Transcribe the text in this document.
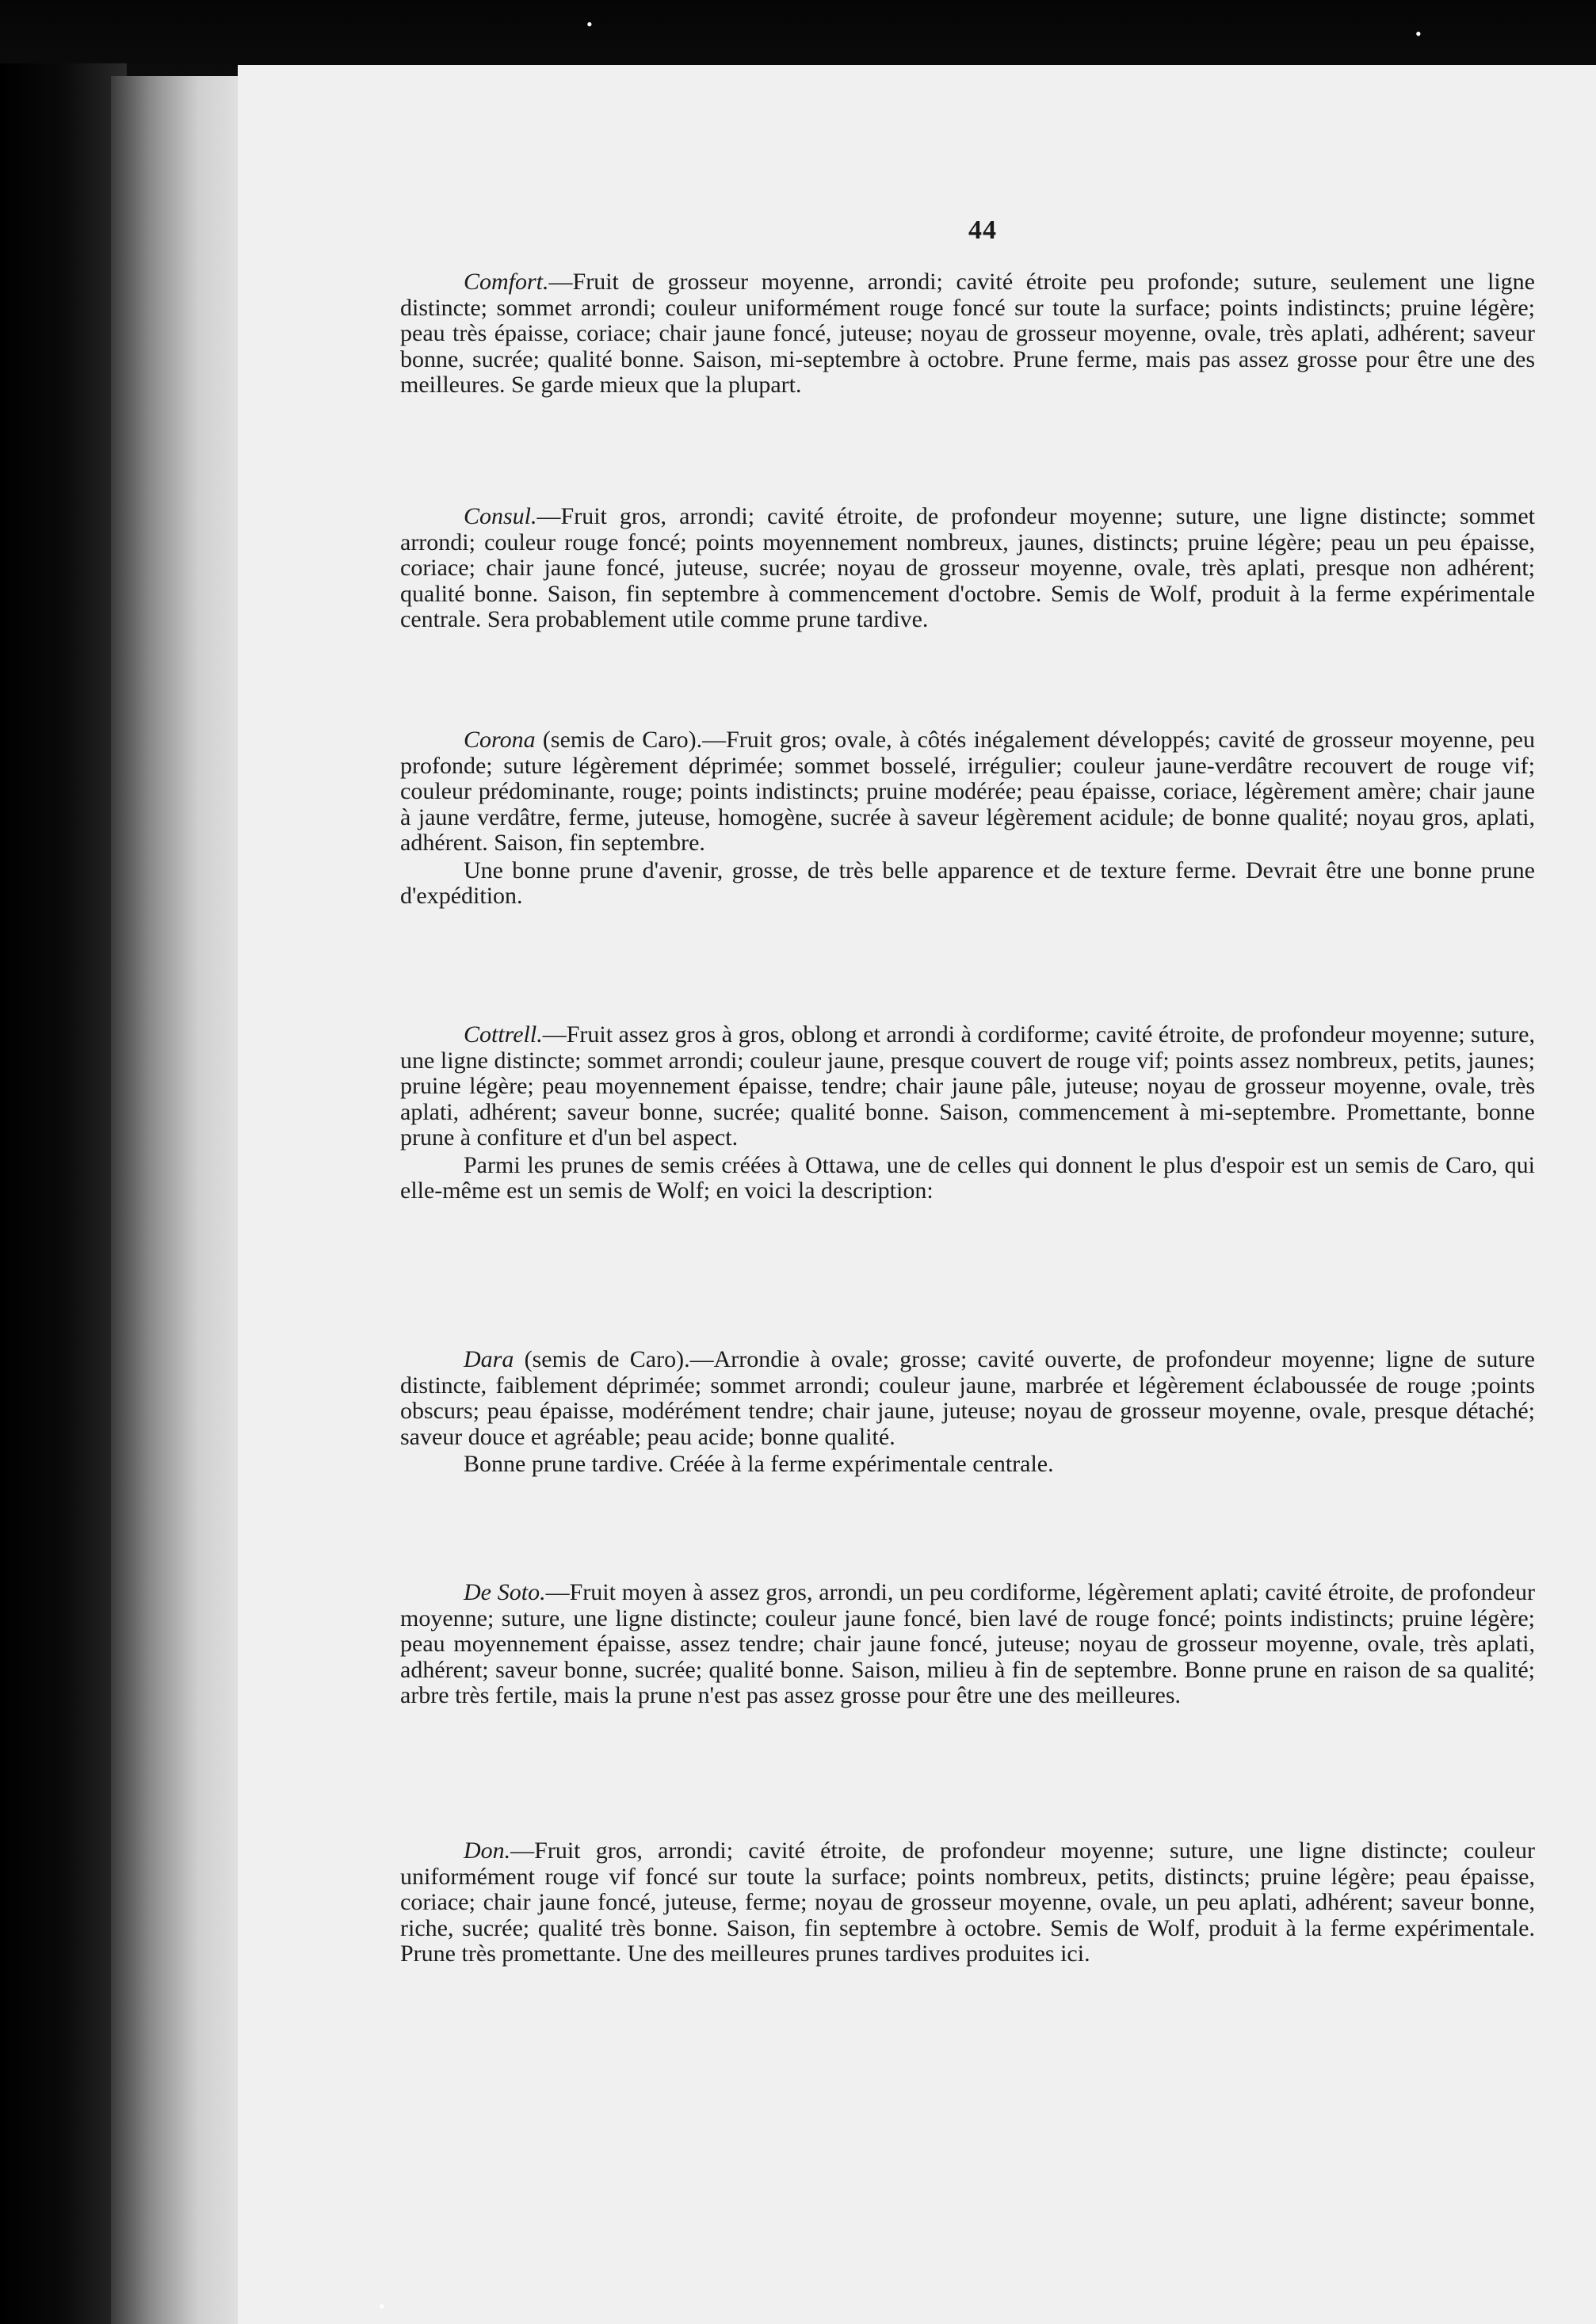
44

Comfort.—Fruit de grosseur moyenne, arrondi; cavité étroite peu profonde; suture, seulement une ligne distincte; sommet arrondi; couleur uniformément rouge foncé sur toute la surface; points indistincts; pruine légère; peau très épaisse, coriace; chair jaune foncé, juteuse; noyau de grosseur moyenne, ovale, très aplati, adhérent; saveur bonne, sucrée; qualité bonne. Saison, mi-septembre à octobre. Prune ferme, mais pas assez grosse pour être une des meilleures. Se garde mieux que la plupart.

Consul.—Fruit gros, arrondi; cavité étroite, de profondeur moyenne; suture, une ligne distincte; sommet arrondi; couleur rouge foncé; points moyennement nombreux, jaunes, distincts; pruine légère; peau un peu épaisse, coriace; chair jaune foncé, juteuse, sucrée; noyau de grosseur moyenne, ovale, très aplati, presque non adhérent; qualité bonne. Saison, fin septembre à commencement d'octobre. Semis de Wolf, produit à la ferme expérimentale centrale. Sera probablement utile comme prune tardive.

Corona (semis de Caro).—Fruit gros; ovale, à côtés inégalement développés; cavité de grosseur moyenne, peu profonde; suture légèrement déprimée; sommet bosselé, irrégulier; couleur jaune-verdâtre recouvert de rouge vif; couleur prédominante, rouge; points indistincts; pruine modérée; peau épaisse, coriace, légèrement amère; chair jaune à jaune verdâtre, ferme, juteuse, homogène, sucrée à saveur légèrement acidule; de bonne qualité; noyau gros, aplati, adhérent. Saison, fin septembre.

Une bonne prune d'avenir, grosse, de très belle apparence et de texture ferme. Devrait être une bonne prune d'expédition.

Cottrell.—Fruit assez gros à gros, oblong et arrondi à cordiforme; cavité étroite, de profondeur moyenne; suture, une ligne distincte; sommet arrondi; couleur jaune, presque couvert de rouge vif; points assez nombreux, petits, jaunes; pruine légère; peau moyennement épaisse, tendre; chair jaune pâle, juteuse; noyau de grosseur moyenne, ovale, très aplati, adhérent; saveur bonne, sucrée; qualité bonne. Saison, commencement à mi-septembre. Promettante, bonne prune à confiture et d'un bel aspect.

Parmi les prunes de semis créées à Ottawa, une de celles qui donnent le plus d'espoir est un semis de Caro, qui elle-même est un semis de Wolf; en voici la description:

Dara (semis de Caro).—Arrondie à ovale; grosse; cavité ouverte, de profondeur moyenne; ligne de suture distincte, faiblement déprimée; sommet arrondi; couleur jaune, marbrée et légèrement éclaboussée de rouge ;points obscurs; peau épaisse, modérément tendre; chair jaune, juteuse; noyau de grosseur moyenne, ovale, presque détaché; saveur douce et agréable; peau acide; bonne qualité.

Bonne prune tardive. Créée à la ferme expérimentale centrale.

De Soto.—Fruit moyen à assez gros, arrondi, un peu cordiforme, légèrement aplati; cavité étroite, de profondeur moyenne; suture, une ligne distincte; couleur jaune foncé, bien lavé de rouge foncé; points indistincts; pruine légère; peau moyennement épaisse, assez tendre; chair jaune foncé, juteuse; noyau de grosseur moyenne, ovale, très aplati, adhérent; saveur bonne, sucrée; qualité bonne. Saison, milieu à fin de septembre. Bonne prune en raison de sa qualité; arbre très fertile, mais la prune n'est pas assez grosse pour être une des meilleures.

Don.—Fruit gros, arrondi; cavité étroite, de profondeur moyenne; suture, une ligne distincte; couleur uniformément rouge vif foncé sur toute la surface; points nombreux, petits, distincts; pruine légère; peau épaisse, coriace; chair jaune foncé, juteuse, ferme; noyau de grosseur moyenne, ovale, un peu aplati, adhérent; saveur bonne, riche, sucrée; qualité très bonne. Saison, fin septembre à octobre. Semis de Wolf, produit à la ferme expérimentale. Prune très promettante. Une des meilleures prunes tardives produites ici.

•	•
•
